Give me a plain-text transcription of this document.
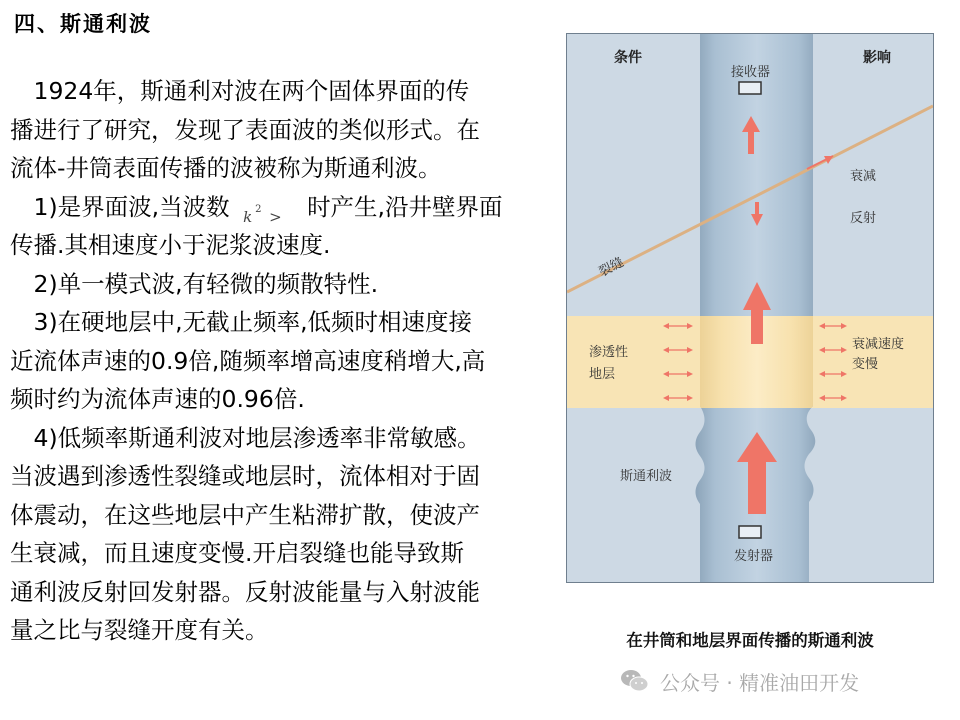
四、斯通利波

　1924年，斯通利对波在两个固体界面的传

播进行了研究，发现了表面波的类似形式。在

流体-井筒表面传播的波被称为斯通利波。

　1)是界面波,当波数 k 2 > 时产生,沿井壁界面

传播.其相速度小于泥浆波速度.

　2)单一模式波,有轻微的频散特性.

　3)在硬地层中,无截止频率,低频时相速度接

近流体声速的0.9倍,随频率增高速度稍增大,高

频时约为流体声速的0.96倍.

　4)低频率斯通利波对地层渗透率非常敏感。

当波遇到渗透性裂缝或地层时，流体相对于固

体震动，在这些地层中产生粘滞扩散，使波产

生衰减，而且速度变慢.开启裂缝也能导致斯

通利波反射回发射器。反射波能量与入射波能

量之比与裂缝开度有关。

条件	影响
接收器
发射器
衰减
反射
裂缝
渗透性
地层
衰减速度
变慢
斯通利波
在井筒和地层界面传播的斯通利波
公众号 · 精准油田开发
